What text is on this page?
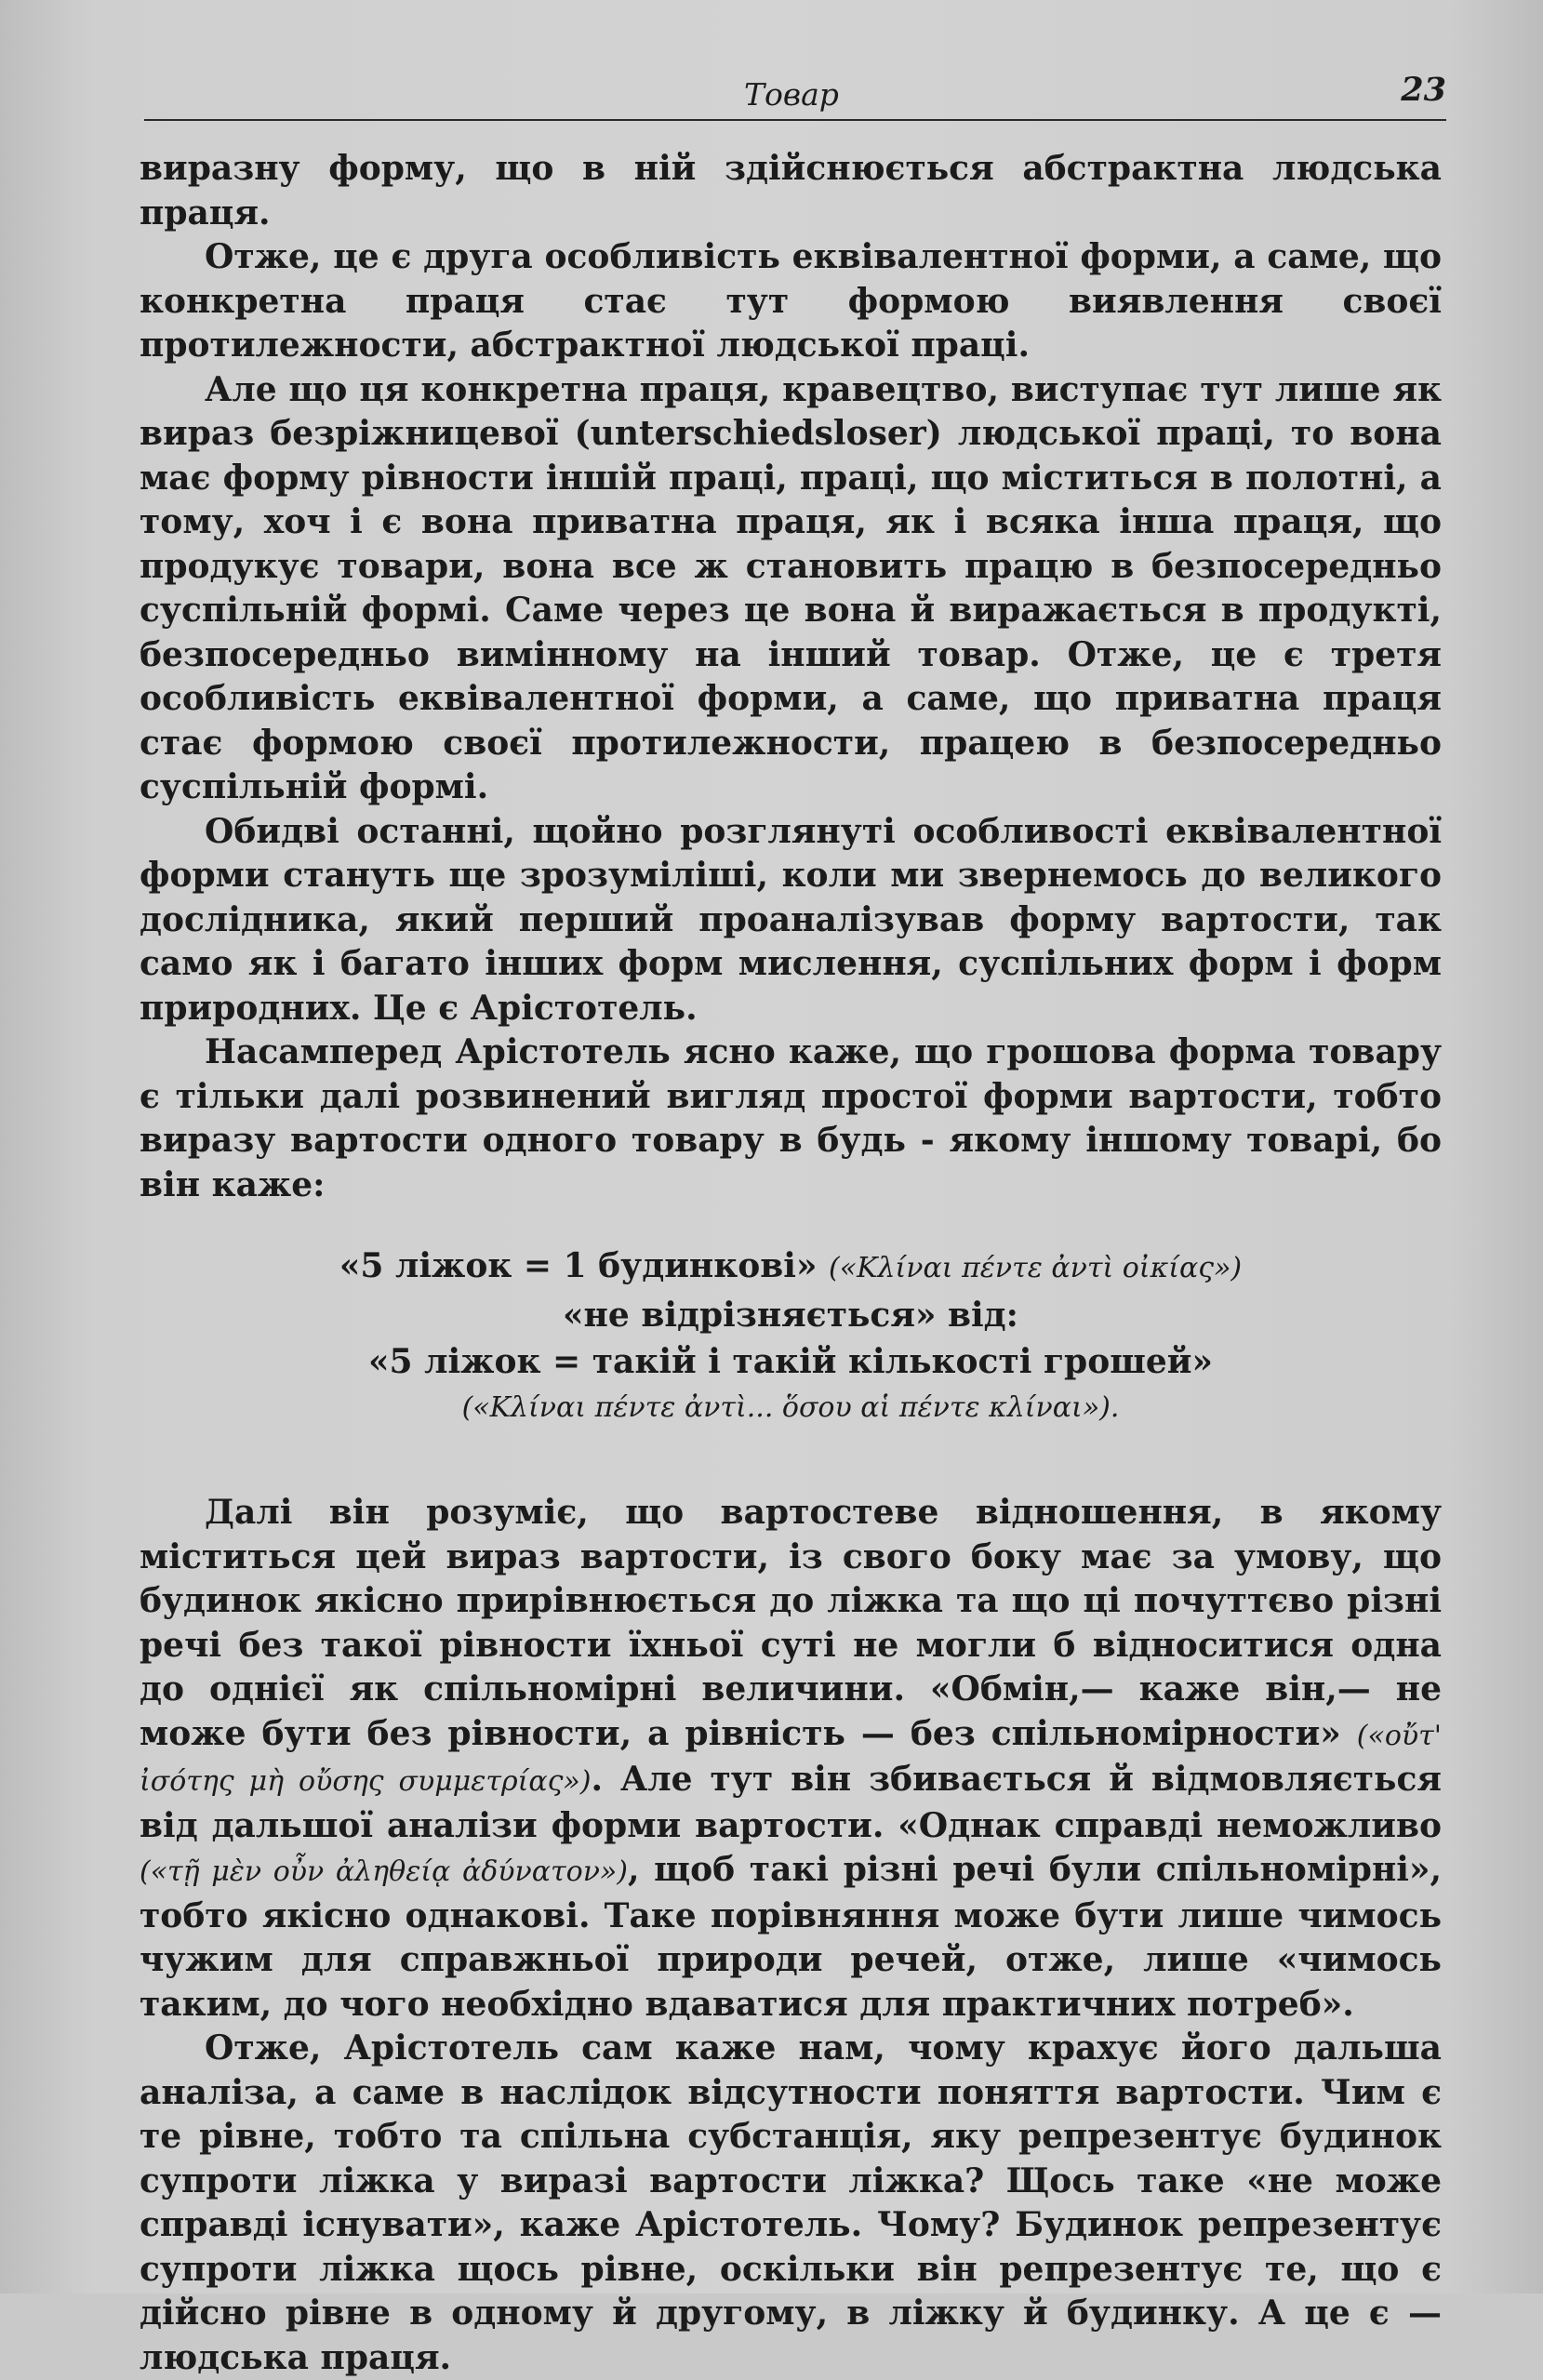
Товар	23

виразну форму, що в ній здійснюється абстрактна людська праця.

Отже, це є друга особливість еквівалентної форми, а саме, що конкретна праця стає тут формою виявлення своєї протилежности, абстрактної людської праці.

Але що ця конкретна праця, кравецтво, виступає тут лише як вираз безріжницевої (unterschiedsloser) людської праці, то вона має форму рівности іншій праці, праці, що міститься в полотні, а тому, хоч і є вона приватна праця, як і всяка інша праця, що продукує товари, вона все ж становить працю в безпосередньо суспільній формі. Саме через це вона й виражається в продукті, безпосередньо вимінному на інший товар. Отже, це є третя особливість еквівалентної форми, а саме, що приватна праця стає формою своєї протилежности, працею в безпосередньо суспільній формі.

Обидві останні, щойно розглянуті особливості еквівалентної форми стануть ще зрозуміліші, коли ми звернемось до великого дослідника, який перший проаналізував форму вартости, так само як і багато інших форм мислення, суспільних форм і форм природних. Це є Арістотель.

Насамперед Арістотель ясно каже, що грошова форма товару є тільки далі розвинений вигляд простої форми вартости, тобто виразу вартости одного товару в будь - якому іншому товарі, бо він каже:

«5 ліжок = 1 будинкові» («Κλίναι πέντε ἀντὶ οἰκίας»)
«не відрізняється» від:
«5 ліжок = такій і такій кількості грошей»
(«Κλίναι πέντε ἀντὶ... ὅσου αἱ πέντε κλίναι»).

Далі він розуміє, що вартостеве відношення, в якому міститься цей вираз вартости, із свого боку має за умову, що будинок якісно прирівнюється до ліжка та що ці почуттєво різні речі без такої рівности їхньої суті не могли б відноситися одна до однієї як спільномірні величини. «Обмін,— каже він,— не може бути без рівности, а рівність — без спільномірности» («οὔτ' ἰσότης μὴ οὔσης συμμετρίας»). Але тут він збивається й відмовляється від дальшої аналізи форми вартости. «Однак справді неможливо («τῇ μὲν οὖν ἀληθείᾳ ἀδύνατον»), щоб такі різні речі були спільномірні», тобто якісно однакові. Таке порівняння може бути лише чимось чужим для справжньої природи речей, отже, лише «чимось таким, до чого необхідно вдаватися для практичних потреб».

Отже, Арістотель сам каже нам, чому крахує його дальша аналіза, а саме в наслідок відсутности поняття вартости. Чим є те рівне, тобто та спільна субстанція, яку репрезентує будинок супроти ліжка у виразі вартости ліжка? Щось таке «не може справді існувати», каже Арістотель. Чому? Будинок репрезентує супроти ліжка щось рівне, оскільки він репрезентує те, що є дійсно рівне в одному й другому, в ліжку й будинку. А це є — людська праця.
